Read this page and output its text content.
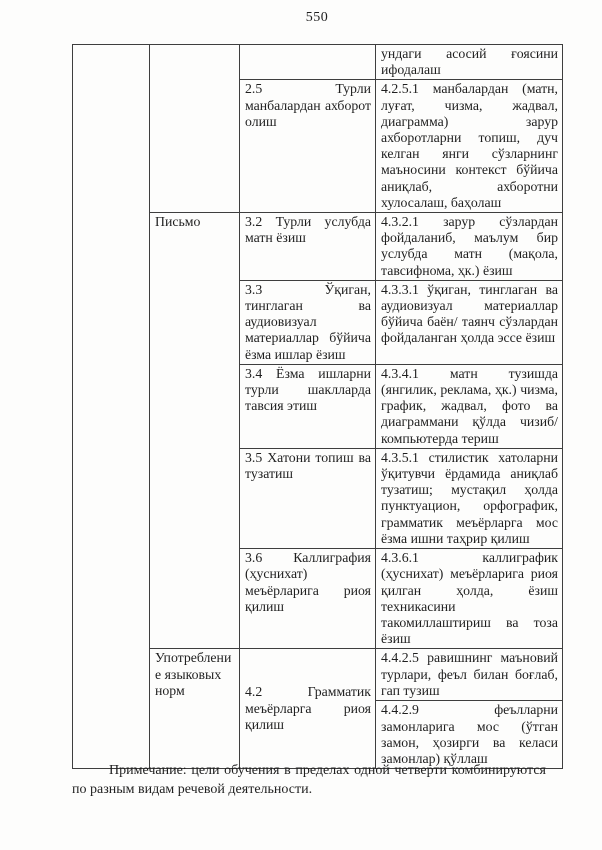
550
			ундаги асосий ғоясини ифодалаш
		2.5 Турли манбалардан ахборот олиш	4.2.5.1 манбалардан (матн, луғат, чизма, жадвал, диаграмма) зарур ахборотларни топиш, дуч келган янги сўзларнинг маъносини контекст бўйича аниқлаб, ахборотни хулосалаш, баҳолаш
	Письмо	3.2 Турли услубда матн ёзиш	4.3.2.1 зарур сўзлардан фойдаланиб, маълум бир услубда матн (мақола, тавсифнома, ҳк.) ёзиш
		3.3 Ўқиган, тинглаган ва аудиовизуал материаллар бўйича ёзма ишлар ёзиш	4.3.3.1 ўқиган, тинглаган ва аудиовизуал материаллар бўйича баён/ таянч сўзлардан фойдаланган ҳолда эссе ёзиш
		3.4 Ёзма ишларни турли шаклларда тавсия этиш	4.3.4.1 матн тузишда (янгилик, реклама, ҳк.) чизма, график, жадвал, фото ва диаграммани қўлда чизиб/ компьютерда териш
		3.5 Хатони топиш ва тузатиш	4.3.5.1 стилистик хатоларни ўқитувчи ёрдамида аниқлаб тузатиш; мустақил ҳолда пунктуацион, орфографик, грамматик меъёрларга мос ёзма ишни таҳрир қилиш
		3.6 Каллиграфия (ҳуснихат) меъёрларига риоя қилиш	4.3.6.1 каллиграфик (ҳуснихат) меъёрларига риоя қилган ҳолда, ёзиш техникасини такомиллаштириш ва тоза ёзиш
	Употребление языковых норм	4.2 Грамматик меъёрларга риоя қилиш	4.4.2.5 равишнинг маъновий турлари, феъл билан боғлаб, гап тузиш
			4.4.2.9 феълларни замонларига мос (ўтган замон, ҳозирги ва келаси замонлар) қўллаш

Примечание: цели обучения в пределах одной четверти комбинируются по разным видам речевой деятельности.
